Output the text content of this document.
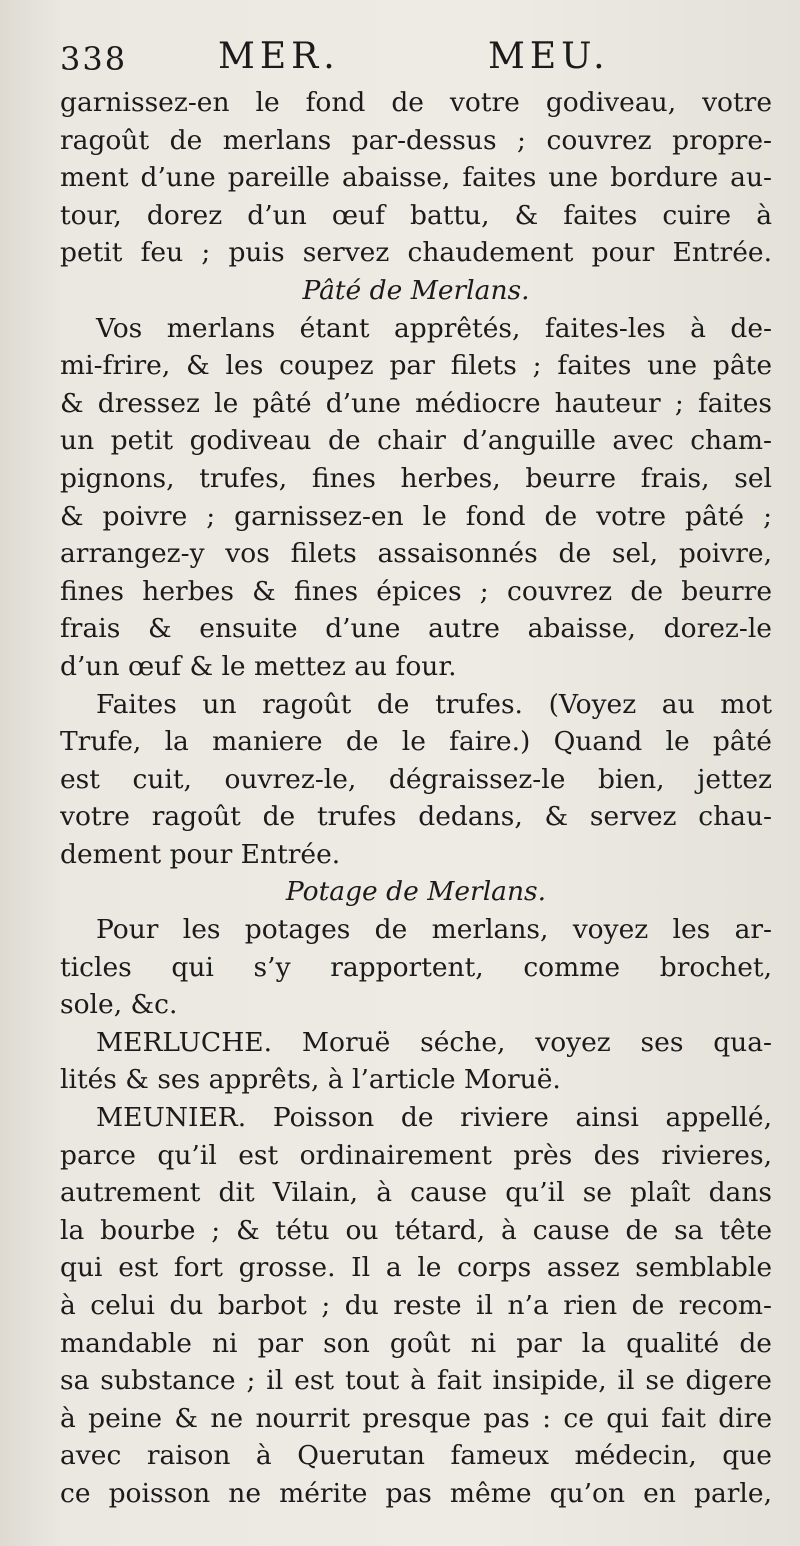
338	MER.	MEU.
garnissez-en le fond de votre godiveau, votre
ragoût de merlans par-dessus ; couvrez propre-
ment d’une pareille abaisse, faites une bordure au-
tour, dorez d’un œuf battu, & faites cuire à
petit feu ; puis servez chaudement pour Entrée.
Pâté de Merlans.
Vos merlans étant apprêtés, faites-les à de-
mi-frire, & les coupez par filets ; faites une pâte
& dressez le pâté d’une médiocre hauteur ; faites
un petit godiveau de chair d’anguille avec cham-
pignons, trufes, fines herbes, beurre frais, sel
& poivre ; garnissez-en le fond de votre pâté ;
arrangez-y vos filets assaisonnés de sel, poivre,
fines herbes & fines épices ; couvrez de beurre
frais & ensuite d’une autre abaisse, dorez-le
d’un œuf & le mettez au four.
Faites un ragoût de trufes. (Voyez au mot
Trufe, la maniere de le faire.) Quand le pâté
est cuit, ouvrez-le, dégraissez-le bien, jettez
votre ragoût de trufes dedans, & servez chau-
dement pour Entrée.
Potage de Merlans.
Pour les potages de merlans, voyez les ar-
ticles qui s’y rapportent, comme brochet,
sole, &c.
MERLUCHE. Moruë séche, voyez ses qua-
lités & ses apprêts, à l’article Moruë.
MEUNIER. Poisson de riviere ainsi appellé,
parce qu’il est ordinairement près des rivieres,
autrement dit Vilain, à cause qu’il se plaît dans
la bourbe ; & tétu ou tétard, à cause de sa tête
qui est fort grosse. Il a le corps assez semblable
à celui du barbot ; du reste il n’a rien de recom-
mandable ni par son goût ni par la qualité de
sa substance ; il est tout à fait insipide, il se digere
à peine & ne nourrit presque pas : ce qui fait dire
avec raison à Querutan fameux médecin, que
ce poisson ne mérite pas même qu’on en parle,
